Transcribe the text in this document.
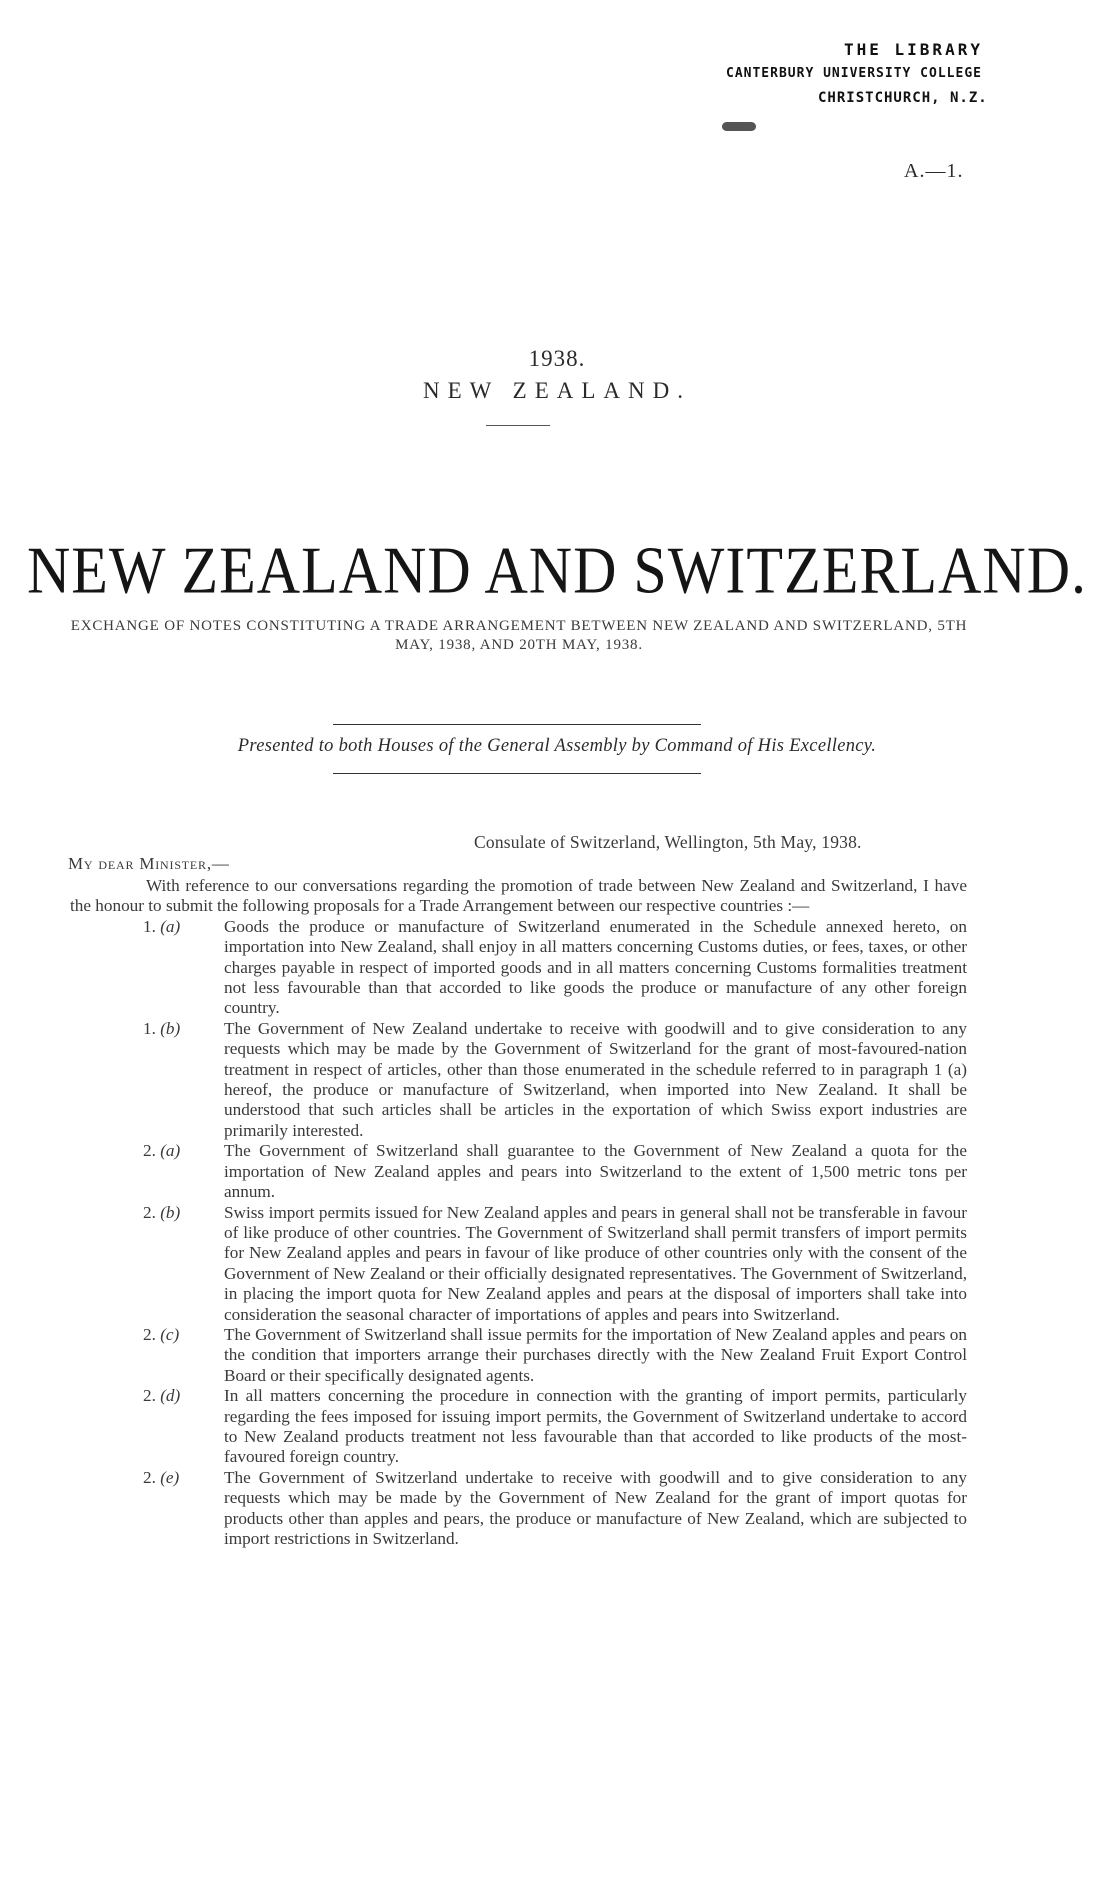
THE LIBRARY
CANTERBURY UNIVERSITY COLLEGE
CHRISTCHURCH, N.Z.
A.—1.
1938.
NEW ZEALAND.
NEW ZEALAND AND SWITZERLAND.
EXCHANGE OF NOTES CONSTITUTING A TRADE ARRANGEMENT BETWEEN NEW ZEALAND AND SWITZERLAND, 5TH MAY, 1938, AND 20TH MAY, 1938.
Presented to both Houses of the General Assembly by Command of His Excellency.
Consulate of Switzerland, Wellington, 5th May, 1938.
My dear Minister,—

With reference to our conversations regarding the promotion of trade between New Zealand and Switzerland, I have the honour to submit the following proposals for a Trade Arrangement between our respective countries :—

1. (a)	Goods the produce or manufacture of Switzerland enumerated in the Schedule annexed hereto, on importation into New Zealand, shall enjoy in all matters concerning Customs duties, or fees, taxes, or other charges payable in respect of imported goods and in all matters concerning Customs formalities treatment not less favourable than that accorded to like goods the produce or manufacture of any other foreign country.

1. (b)	The Government of New Zealand undertake to receive with goodwill and to give consideration to any requests which may be made by the Government of Switzerland for the grant of most-favoured-nation treatment in respect of articles, other than those enumerated in the schedule referred to in paragraph 1 (a) hereof, the produce or manufacture of Switzerland, when imported into New Zealand. It shall be understood that such articles shall be articles in the exportation of which Swiss export industries are primarily interested.

2. (a)	The Government of Switzerland shall guarantee to the Government of New Zealand a quota for the importation of New Zealand apples and pears into Switzerland to the extent of 1,500 metric tons per annum.

2. (b)	Swiss import permits issued for New Zealand apples and pears in general shall not be transferable in favour of like produce of other countries. The Government of Switzerland shall permit transfers of import permits for New Zealand apples and pears in favour of like produce of other countries only with the consent of the Government of New Zealand or their officially designated representatives. The Government of Switzerland, in placing the import quota for New Zealand apples and pears at the disposal of importers shall take into consideration the seasonal character of importations of apples and pears into Switzerland.

2. (c)	The Government of Switzerland shall issue permits for the importation of New Zealand apples and pears on the condition that importers arrange their purchases directly with the New Zealand Fruit Export Control Board or their specifically designated agents.

2. (d)	In all matters concerning the procedure in connection with the granting of import permits, particularly regarding the fees imposed for issuing import permits, the Government of Switzerland undertake to accord to New Zealand products treatment not less favourable than that accorded to like products of the most-favoured foreign country.

2. (e)	The Government of Switzerland undertake to receive with goodwill and to give consideration to any requests which may be made by the Government of New Zealand for the grant of import quotas for products other than apples and pears, the produce or manufacture of New Zealand, which are subjected to import restrictions in Switzerland.
